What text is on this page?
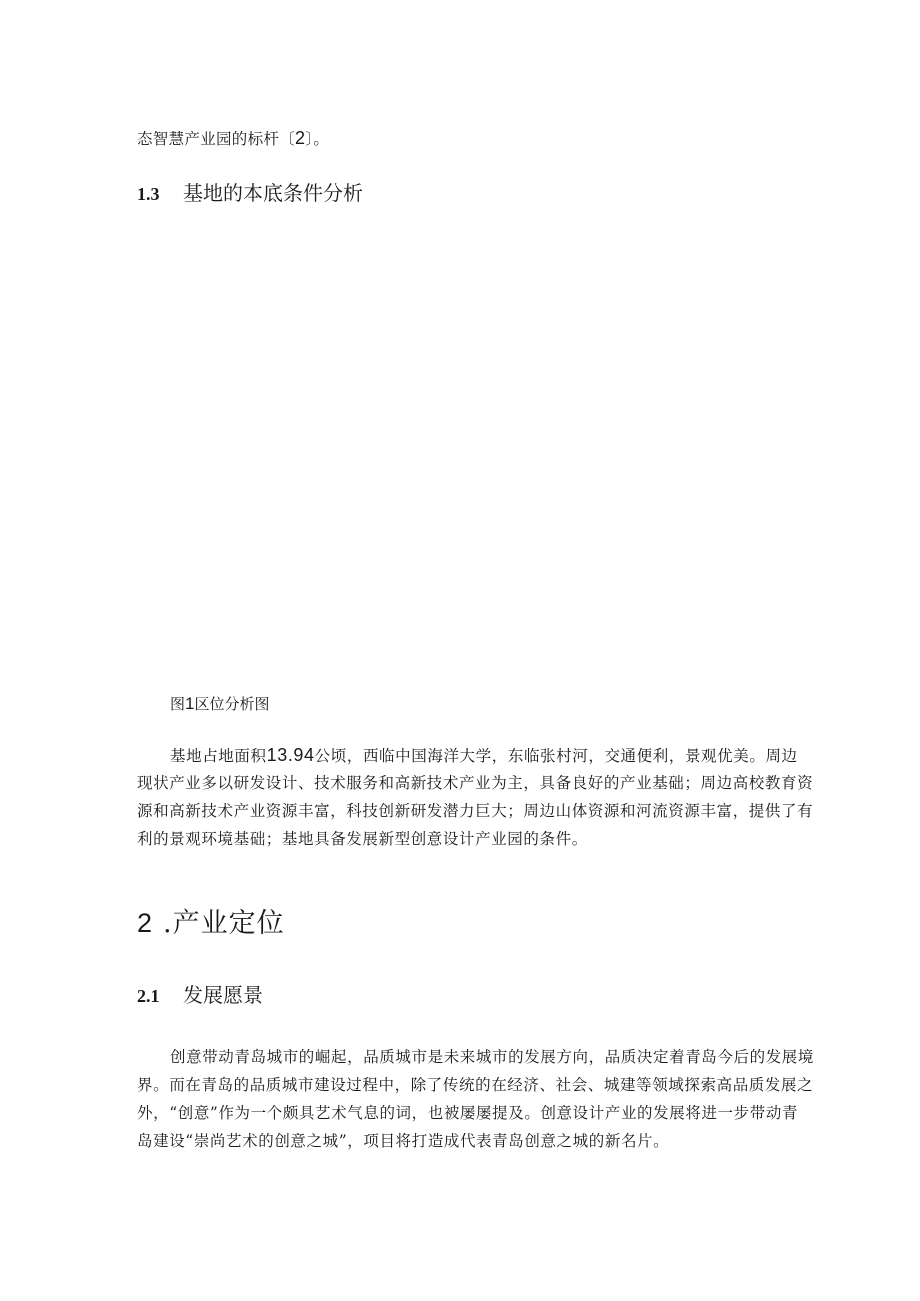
态智慧产业园的标杆〔2〕。
1.3 基地的本底条件分析
图1区位分析图
基地占地面积13.94公顷，西临中国海洋大学，东临张村河，交通便利，景观优美。周边
现状产业多以研发设计、技术服务和高新技术产业为主，具备良好的产业基础；周边高校教育资
源和高新技术产业资源丰富，科技创新研发潜力巨大；周边山体资源和河流资源丰富，提供了有
利的景观环境基础；基地具备发展新型创意设计产业园的条件。
2 .产业定位
2.1 发展愿景
创意带动青岛城市的崛起，品质城市是未来城市的发展方向，品质决定着青岛今后的发展境
界。而在青岛的品质城市建设过程中，除了传统的在经济、社会、城建等领域探索高品质发展之
外，“创意”作为一个颇具艺术气息的词，也被屡屡提及。创意设计产业的发展将进一步带动青
岛建设“崇尚艺术的创意之城”，项目将打造成代表青岛创意之城的新名片。
